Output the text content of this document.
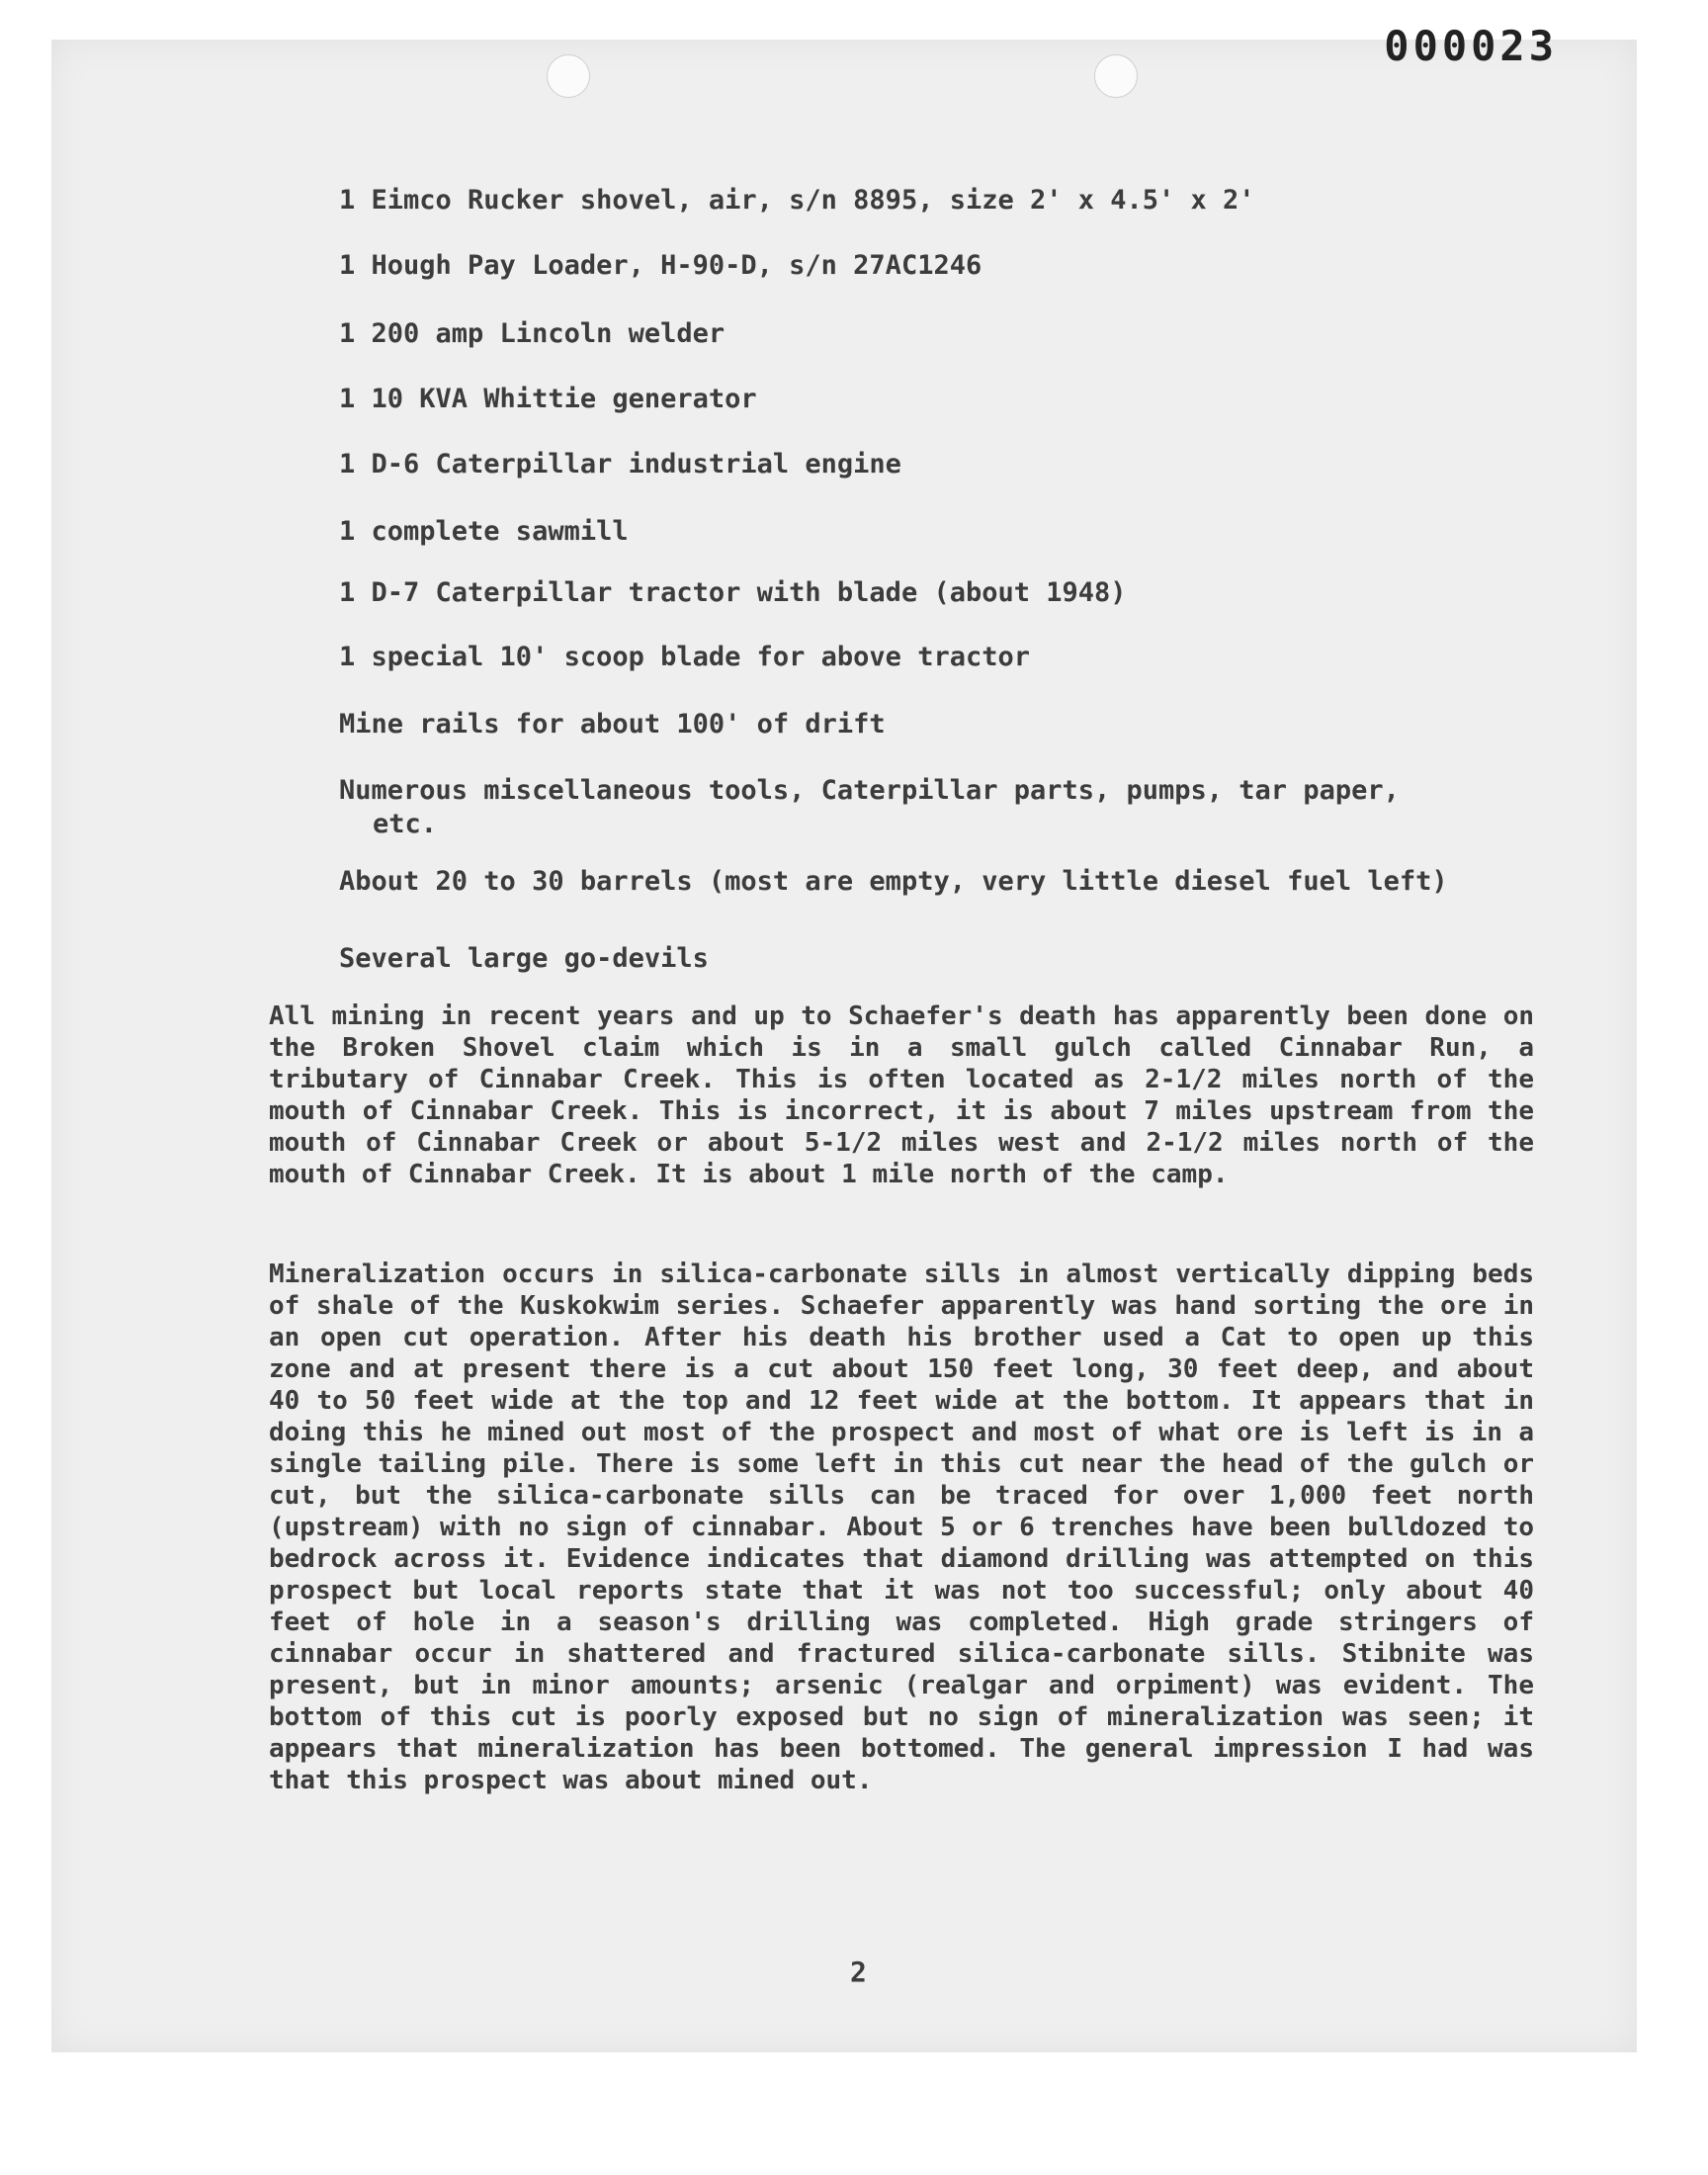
000023
1 Eimco Rucker shovel, air, s/n 8895, size 2' x 4.5' x 2'
1 Hough Pay Loader, H-90-D, s/n 27AC1246
1 200 amp Lincoln welder
1 10 KVA Whittie generator
1 D-6 Caterpillar industrial engine
1 complete sawmill
1 D-7 Caterpillar tractor with blade (about 1948)
1 special 10' scoop blade for above tractor
Mine rails for about 100' of drift
Numerous miscellaneous tools, Caterpillar parts, pumps, tar paper,
etc.
About 20 to 30 barrels (most are empty, very little diesel fuel left)
Several large go-devils
All mining in recent years and up to Schaefer's death has apparently been done on the Broken Shovel claim which is in a small gulch called Cinnabar Run, a tributary of Cinnabar Creek. This is often located as 2-1/2 miles north of the mouth of Cinnabar Creek. This is incorrect, it is about 7 miles upstream from the mouth of Cinnabar Creek or about 5-1/2 miles west and 2-1/2 miles north of the mouth of Cinnabar Creek. It is about 1 mile north of the camp.
Mineralization occurs in silica-carbonate sills in almost vertically dipping beds of shale of the Kuskokwim series. Schaefer apparently was hand sorting the ore in an open cut operation. After his death his brother used a Cat to open up this zone and at present there is a cut about 150 feet long, 30 feet deep, and about 40 to 50 feet wide at the top and 12 feet wide at the bottom. It appears that in doing this he mined out most of the prospect and most of what ore is left is in a single tailing pile. There is some left in this cut near the head of the gulch or cut, but the silica-carbonate sills can be traced for over 1,000 feet north (upstream) with no sign of cinnabar. About 5 or 6 trenches have been bulldozed to bedrock across it. Evidence indicates that diamond drilling was attempted on this prospect but local reports state that it was not too successful; only about 40 feet of hole in a season's drilling was completed. High grade stringers of cinnabar occur in shattered and fractured silica-carbonate sills. Stibnite was present, but in minor amounts; arsenic (realgar and orpiment) was evident. The bottom of this cut is poorly exposed but no sign of mineralization was seen; it appears that mineralization has been bottomed. The general impression I had was that this prospect was about mined out.
2
